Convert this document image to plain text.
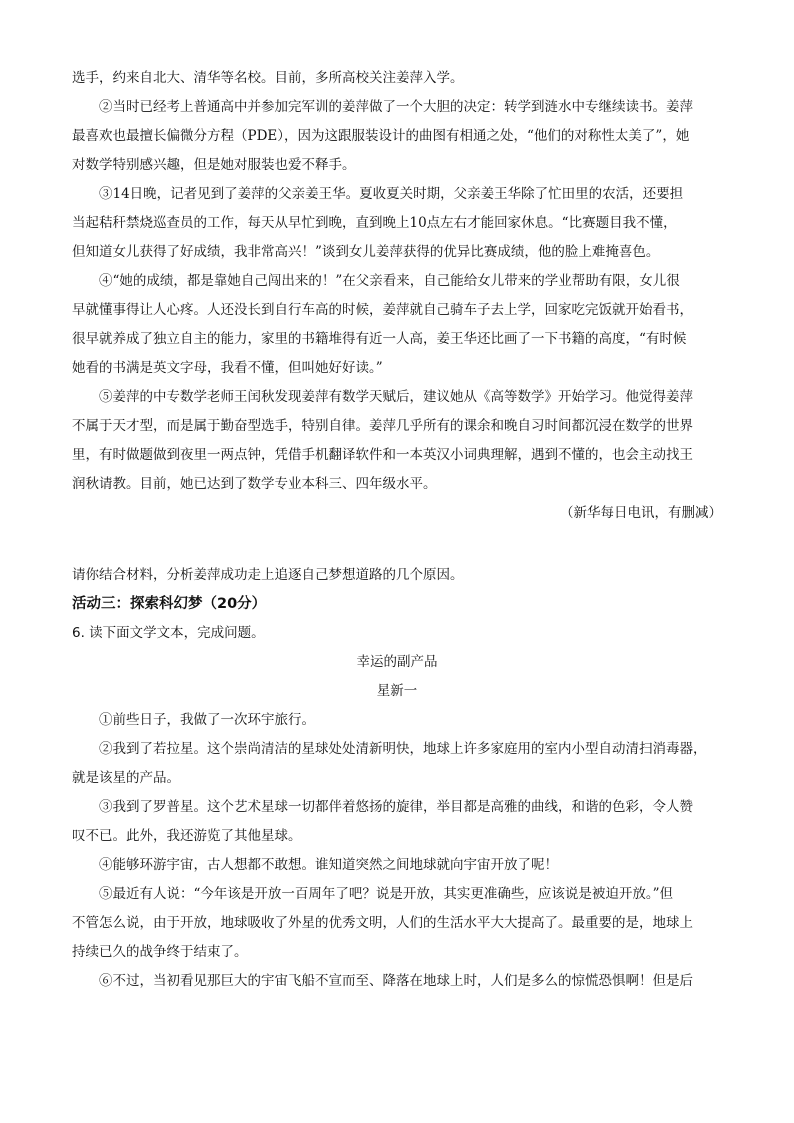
选手，约来自北大、清华等名校。目前，多所高校关注姜萍入学。
②当时已经考上普通高中并参加完军训的姜萍做了一个大胆的决定：转学到涟水中专继续读书。姜萍
最喜欢也最擅长偏微分方程（PDE），因为这跟服装设计的曲图有相通之处，“他们的对称性太美了”，她
对数学特别感兴趣，但是她对服装也爱不释手。
③14日晚，记者见到了姜萍的父亲姜王华。夏收夏关时期，父亲姜王华除了忙田里的农活，还要担
当起秸秆禁烧巡查员的工作，每天从早忙到晚，直到晚上10点左右才能回家休息。“比赛题目我不懂，
但知道女儿获得了好成绩，我非常高兴！”谈到女儿姜萍获得的优异比赛成绩，他的脸上难掩喜色。
④“她的成绩，都是靠她自己闯出来的！”在父亲看来，自己能给女儿带来的学业帮助有限，女儿很
早就懂事得让人心疼。人还没长到自行车高的时候，姜萍就自己骑车子去上学，回家吃完饭就开始看书，
很早就养成了独立自主的能力，家里的书籍堆得有近一人高，姜王华还比画了一下书籍的高度，“有时候
她看的书满是英文字母，我看不懂，但叫她好好读。”
⑤姜萍的中专数学老师王闰秋发现姜萍有数学天赋后，建议她从《高等数学》开始学习。他觉得姜萍
不属于天才型，而是属于勤奋型选手，特别自律。姜萍几乎所有的课余和晚自习时间都沉浸在数学的世界
里，有时做题做到夜里一两点钟，凭借手机翻译软件和一本英汉小词典理解，遇到不懂的，也会主动找王
润秋请教。目前，她已达到了数学专业本科三、四年级水平。
（新华每日电讯，有删减）
请你结合材料，分析姜萍成功走上追逐自己梦想道路的几个原因。
活动三：探索科幻梦（20分）
6. 读下面文学文本，完成问题。
幸运的副产品
星新一
①前些日子，我做了一次环宇旅行。
②我到了若拉星。这个崇尚清洁的星球处处清新明快，地球上许多家庭用的室内小型自动清扫消毒器，
就是该星的产品。
③我到了罗普星。这个艺术星球一切都伴着悠扬的旋律，举目都是高雅的曲线，和谐的色彩，令人赞
叹不已。此外，我还游览了其他星球。
④能够环游宇宙，古人想都不敢想。谁知道突然之间地球就向宇宙开放了呢！
⑤最近有人说：“今年该是开放一百周年了吧？说是开放，其实更准确些，应该说是被迫开放。”但
不管怎么说，由于开放，地球吸收了外星的优秀文明，人们的生活水平大大提高了。最重要的是，地球上
持续已久的战争终于结束了。
⑥不过，当初看见那巨大的宇宙飞船不宣而至、降落在地球上时，人们是多么的惊慌恐惧啊！但是后
